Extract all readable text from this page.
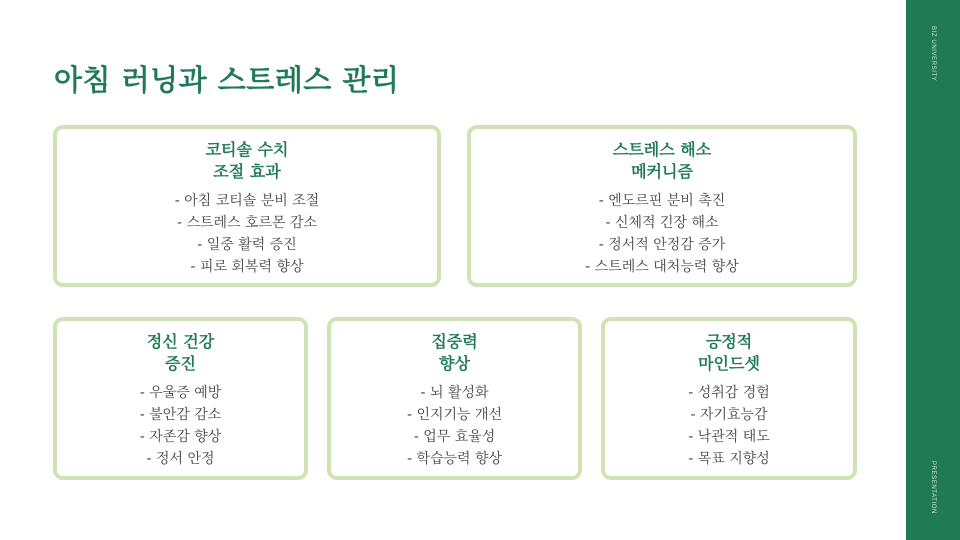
아침 러닝과 스트레스 관리
코티솔 수치
조절 효과
- 아침 코티솔 분비 조절
- 스트레스 호르몬 감소
- 일중 활력 증진
- 피로 회복력 향상
스트레스 해소
메커니즘
- 엔도르핀 분비 촉진
- 신체적 긴장 해소
- 정서적 안정감 증가
- 스트레스 대처능력 향상
정신 건강
증진
- 우울증 예방
- 불안감 감소
- 자존감 향상
- 정서 안정
집중력
향상
- 뇌 활성화
- 인지기능 개선
- 업무 효율성
- 학습능력 향상
긍정적
마인드셋
- 성취감 경험
- 자기효능감
- 낙관적 태도
- 목표 지향성
BIZ UNIVERSITY
PRESENTATION
